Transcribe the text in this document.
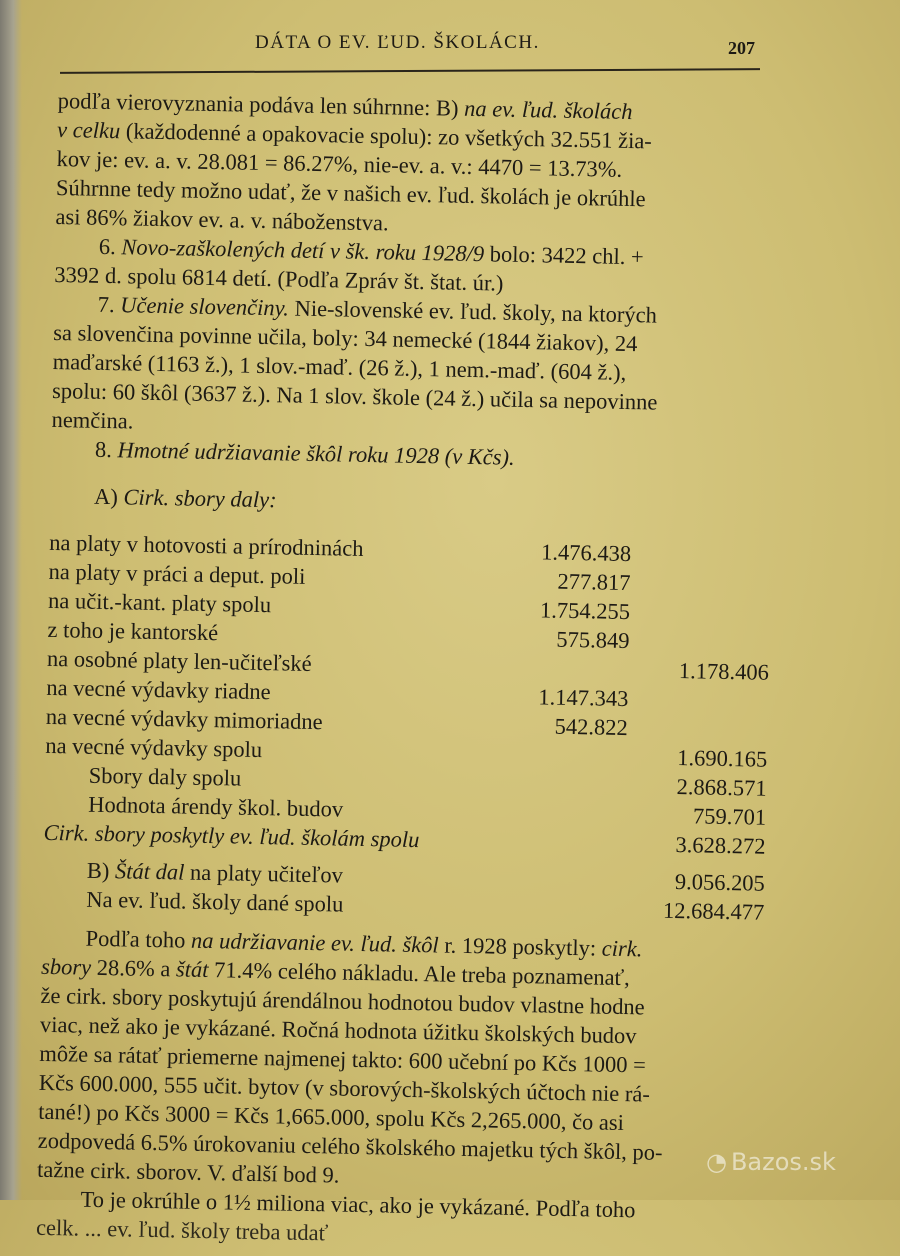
DÁTA O EV. ĽUD. ŠKOLÁCH.	207

podľa vierovyznania podáva len súhrnne: B) na ev. ľud. školách
v celku (každodenné a opakovacie spolu): zo všetkých 32.551 žia-
kov je: ev. a. v. 28.081 = 86.27%, nie-ev. a. v.: 4470 = 13.73%.
Súhrnne tedy možno udať, že v našich ev. ľud. školách je okrúhle
asi 86% žiakov ev. a. v. náboženstva.

6. Novo-zaškolených detí v šk. roku 1928/9 bolo: 3422 chl. +
3392 d. spolu 6814 detí. (Podľa Zpráv št. štat. úr.)

7. Učenie slovenčiny. Nie-slovenské ev. ľud. školy, na ktorých
sa slovenčina povinne učila, boly: 34 nemecké (1844 žiakov), 24
maďarské (1163 ž.), 1 slov.-maď. (26 ž.), 1 nem.-maď. (604 ž.),
spolu: 60 škôl (3637 ž.). Na 1 slov. škole (24 ž.) učila sa nepovinne
nemčina.

8. Hmotné udržiavanie škôl roku 1928 (v Kčs).

A) Cirk. sbory daly:

na platy v hotovosti a prírodninách	1.476.438
na platy v práci a deput. poli	277.817
na učit.-kant. platy spolu	1.754.255
z toho je kantorské	575.849
na osobné platy len-učiteľské	1.178.406
na vecné výdavky riadne	1.147.343
na vecné výdavky mimoriadne	542.822
na vecné výdavky spolu	1.690.165
Sbory daly spolu	2.868.571
Hodnota árendy škol. budov	759.701
Cirk. sbory poskytly ev. ľud. školám spolu	3.628.272
B) Štát dal na platy učiteľov	9.056.205
Na ev. ľud. školy dané spolu	12.684.477

Podľa toho na udržiavanie ev. ľud. škôl r. 1928 poskytly: cirk.
sbory 28.6% a štát 71.4% celého nákladu. Ale treba poznamenať,
že cirk. sbory poskytujú árendálnou hodnotou budov vlastne hodne
viac, než ako je vykázané. Ročná hodnota úžitku školských budov
môže sa rátať priemerne najmenej takto: 600 učební po Kčs 1000 =
Kčs 600.000, 555 učit. bytov (v sborových-školských účtoch nie rá-
tané!) po Kčs 3000 = Kčs 1,665.000, spolu Kčs 2,265.000, čo asi
zodpovedá 6.5% úrokovaniu celého školského majetku tých škôl, po-
tažne cirk. sborov. V. ďalší bod 9.

To je okrúhle o 1½ miliona viac, ako je vykázané. Podľa toho
celk. ... ev. ľud. školy treba udať

◔ Bazos.sk
